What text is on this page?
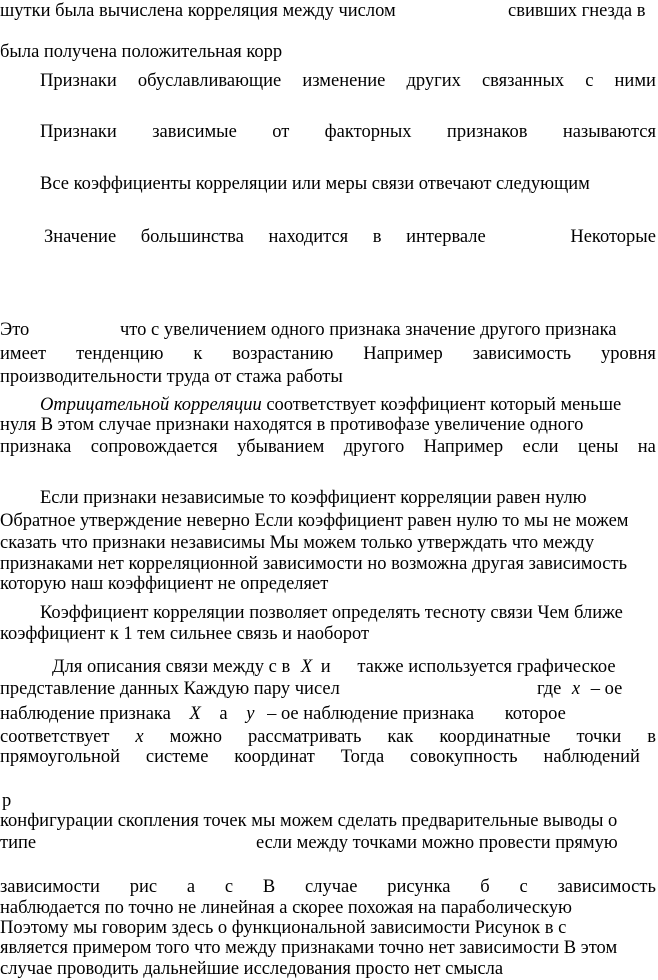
шутки была вычислена корреляция между числом	свивших гнезда в
была получена положительная корр
Признаки обуславливающие изменение других связанных с ними
Признаки зависимые от факторных признаков называются
Все коэффициенты корреляции или меры связи отвечают следующим
Значение большинства находится в интервале	Некоторые
Это	что с увеличением одного признака значение другого признака
имеет тенденцию к возрастанию Например зависимость уровня
производительности труда от стажа работы
Отрицательной корреляции соответствует коэффициент который меньше
нуля В этом случае признаки находятся в противофазе увеличение одного
признака сопровождается убыванием другого Например если цены на
Если признаки независимые то коэффициент корреляции равен нулю
Обратное утверждение неверно Если коэффициент равен нулю то мы не можем
сказать что признаки независимы Мы можем только утверждать что между
признаками нет корреляционной зависимости но возможна другая зависимость
которую наш коэффициент не определяет
Коэффициент корреляции позволяет определять тесноту связи Чем ближе
коэффициент к 1 тем сильнее связь и наоборот
Для описания связи между с в X и также используется графическое
представление данных Каждую пару чисел	где x – ое
наблюдение признака X а y – ое наблюдение признака которое
соответствует x можно рассматривать как координатные точки в
прямоугольной системе координат Тогда совокупность наблюдений
р
конфигурации скопления точек мы можем сделать предварительные выводы о
типе	если между точками можно провести прямую
зависимости рис а с В случае рисунка б с зависимость
наблюдается по точно не линейная а скорее похожая на параболическую
Поэтому мы говорим здесь о функциональной зависимости Рисунок в с
является примером того что между признаками точно нет зависимости В этом
случае проводить дальнейшие исследования просто нет смысла
